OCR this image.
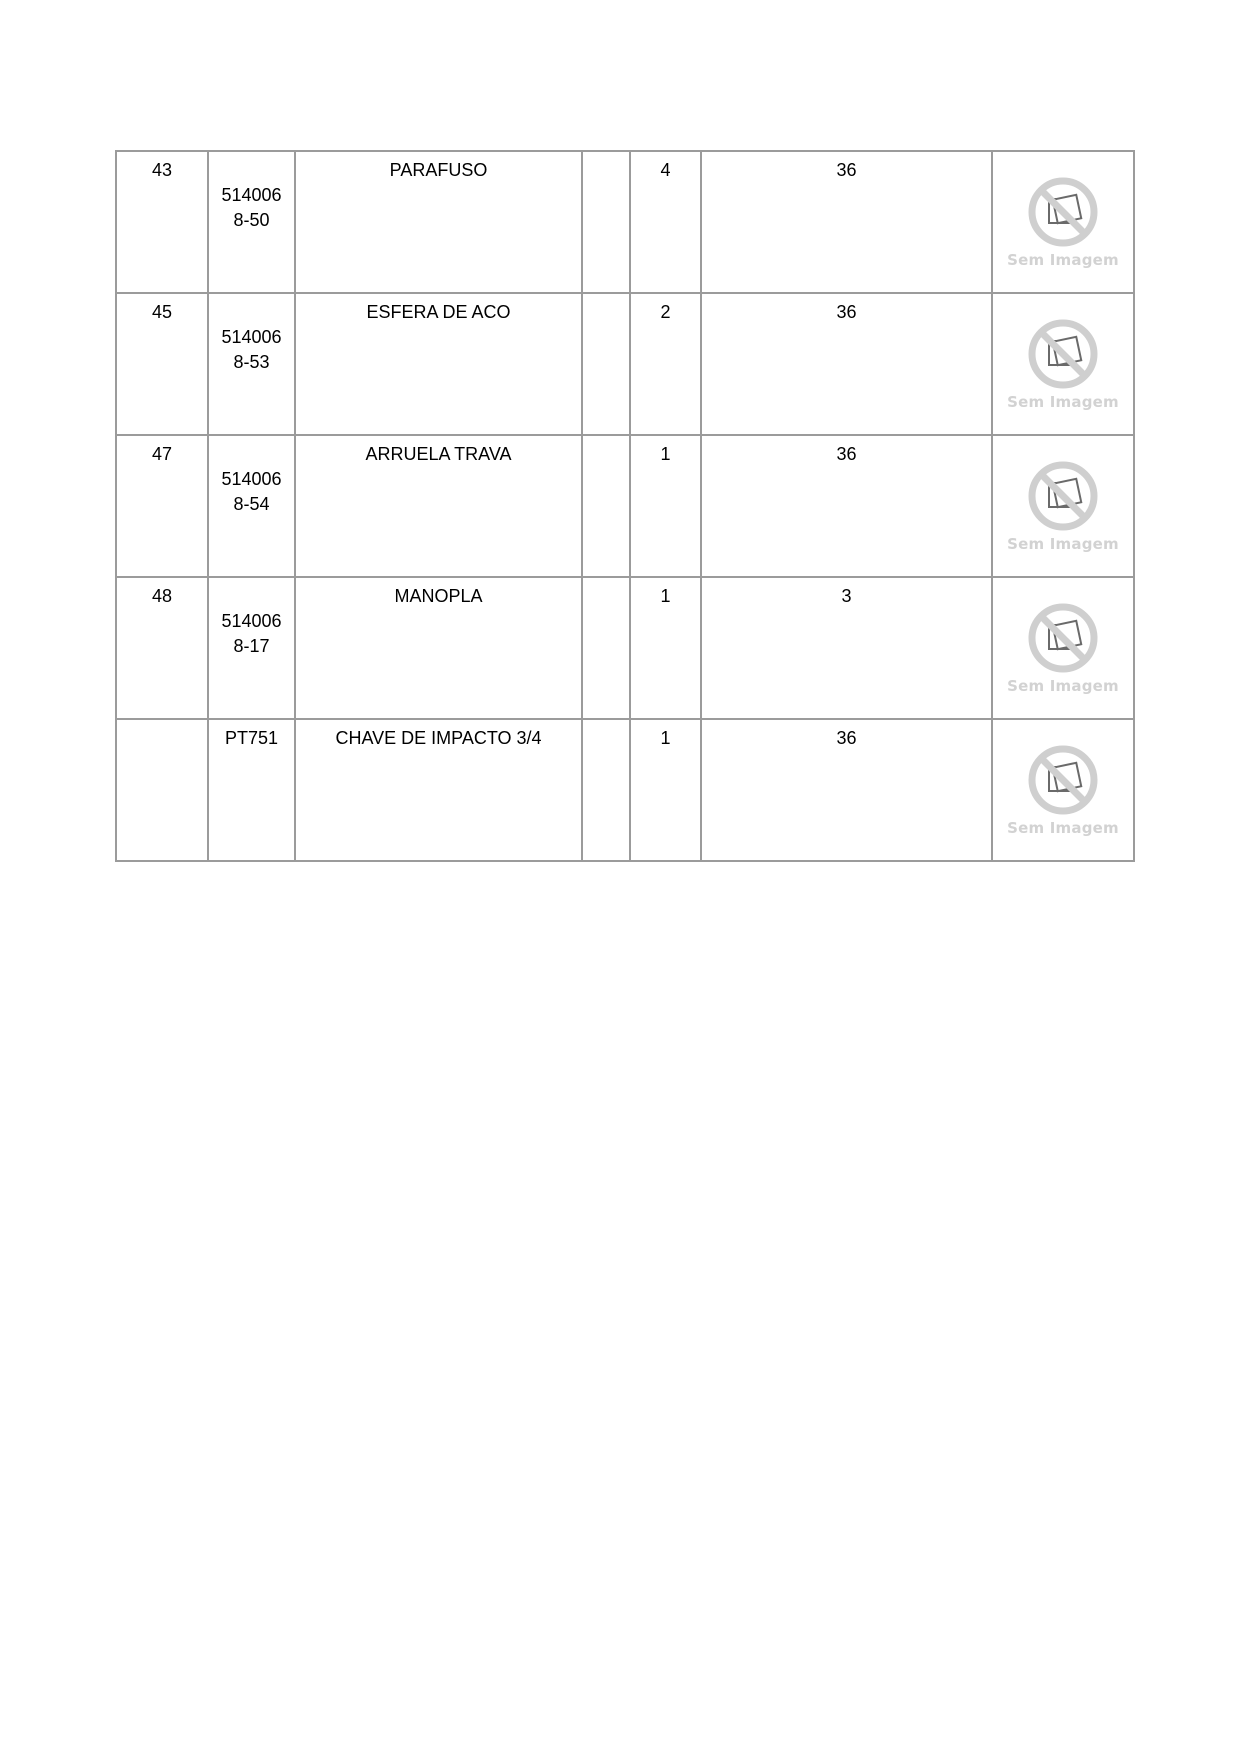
43	5140068-50	PARAFUSO		4	36	Sem Imagem

45	5140068-53	ESFERA DE ACO		2	36	Sem Imagem

47	5140068-54	ARRUELA TRAVA		1	36	Sem Imagem

48	5140068-17	MANOPLA		1	3	Sem Imagem

	PT751	CHAVE DE IMPACTO 3/4		1	36	Sem Imagem
